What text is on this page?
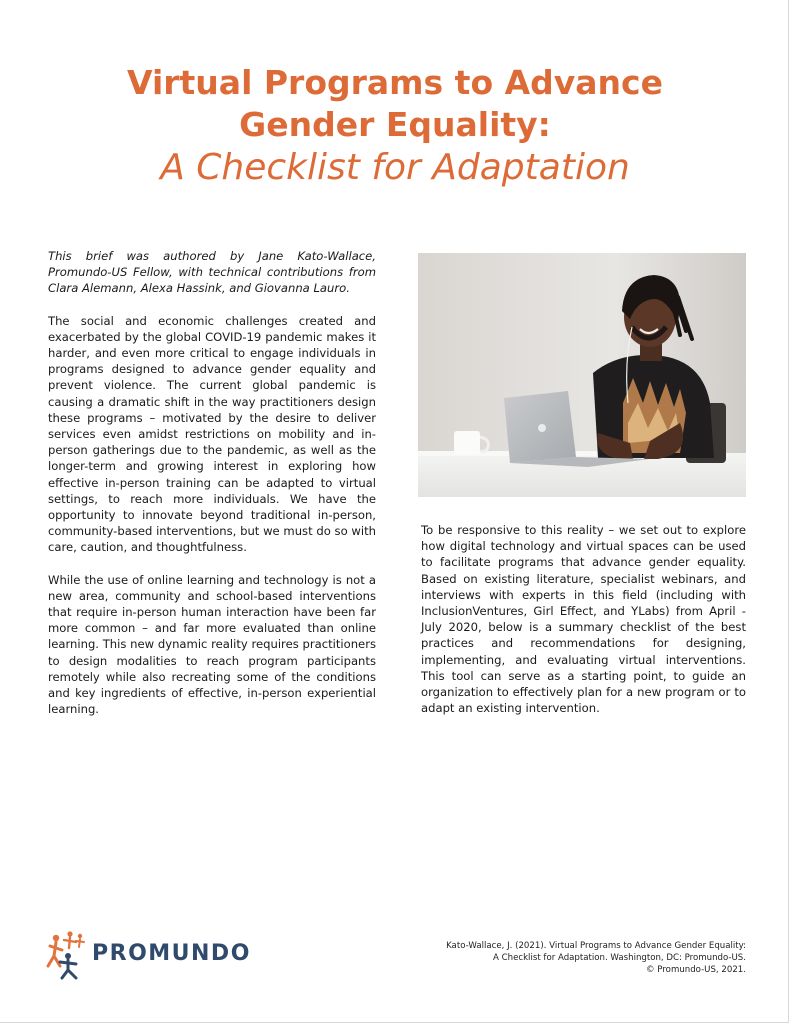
Virtual Programs to Advance
Gender Equality:
A Checklist for Adaptation

This brief was authored by Jane Kato-Wallace, Promundo-US Fellow, with technical contributions from Clara Alemann, Alexa Hassink, and Giovanna Lauro.

The social and economic challenges created and exacerbated by the global COVID-19 pandemic makes it harder, and even more critical to engage individuals in programs designed to advance gender equality and prevent violence. The current global pandemic is causing a dramatic shift in the way practitioners design these programs – motivated by the desire to deliver services even amidst restrictions on mobility and in-person gatherings due to the pandemic, as well as the longer-term and growing interest in exploring how effective in-person training can be adapted to virtual settings, to reach more individuals. We have the opportunity to innovate beyond traditional in-person, community-based interventions, but we must do so with care, caution, and thoughtfulness.

While the use of online learning and technology is not a new area, community and school-based interventions that require in-person human interaction have been far more common – and far more evaluated than online learning. This new dynamic reality requires practitioners to design modalities to reach program participants remotely while also recreating some of the conditions and key ingredients of effective, in-person experiential learning.

To be responsive to this reality – we set out to explore how digital technology and virtual spaces can be used to facilitate programs that advance gender equality. Based on existing literature, specialist webinars, and interviews with experts in this field (including with InclusionVentures, Girl Effect, and YLabs) from April - July 2020, below is a summary checklist of the best practices and recommendations for designing, implementing, and evaluating virtual interventions. This tool can serve as a starting point, to guide an organization to effectively plan for a new program or to adapt an existing intervention.

PROMUNDO	Kato-Wallace, J. (2021). Virtual Programs to Advance Gender Equality:
A Checklist for Adaptation. Washington, DC: Promundo-US.
© Promundo-US, 2021.
